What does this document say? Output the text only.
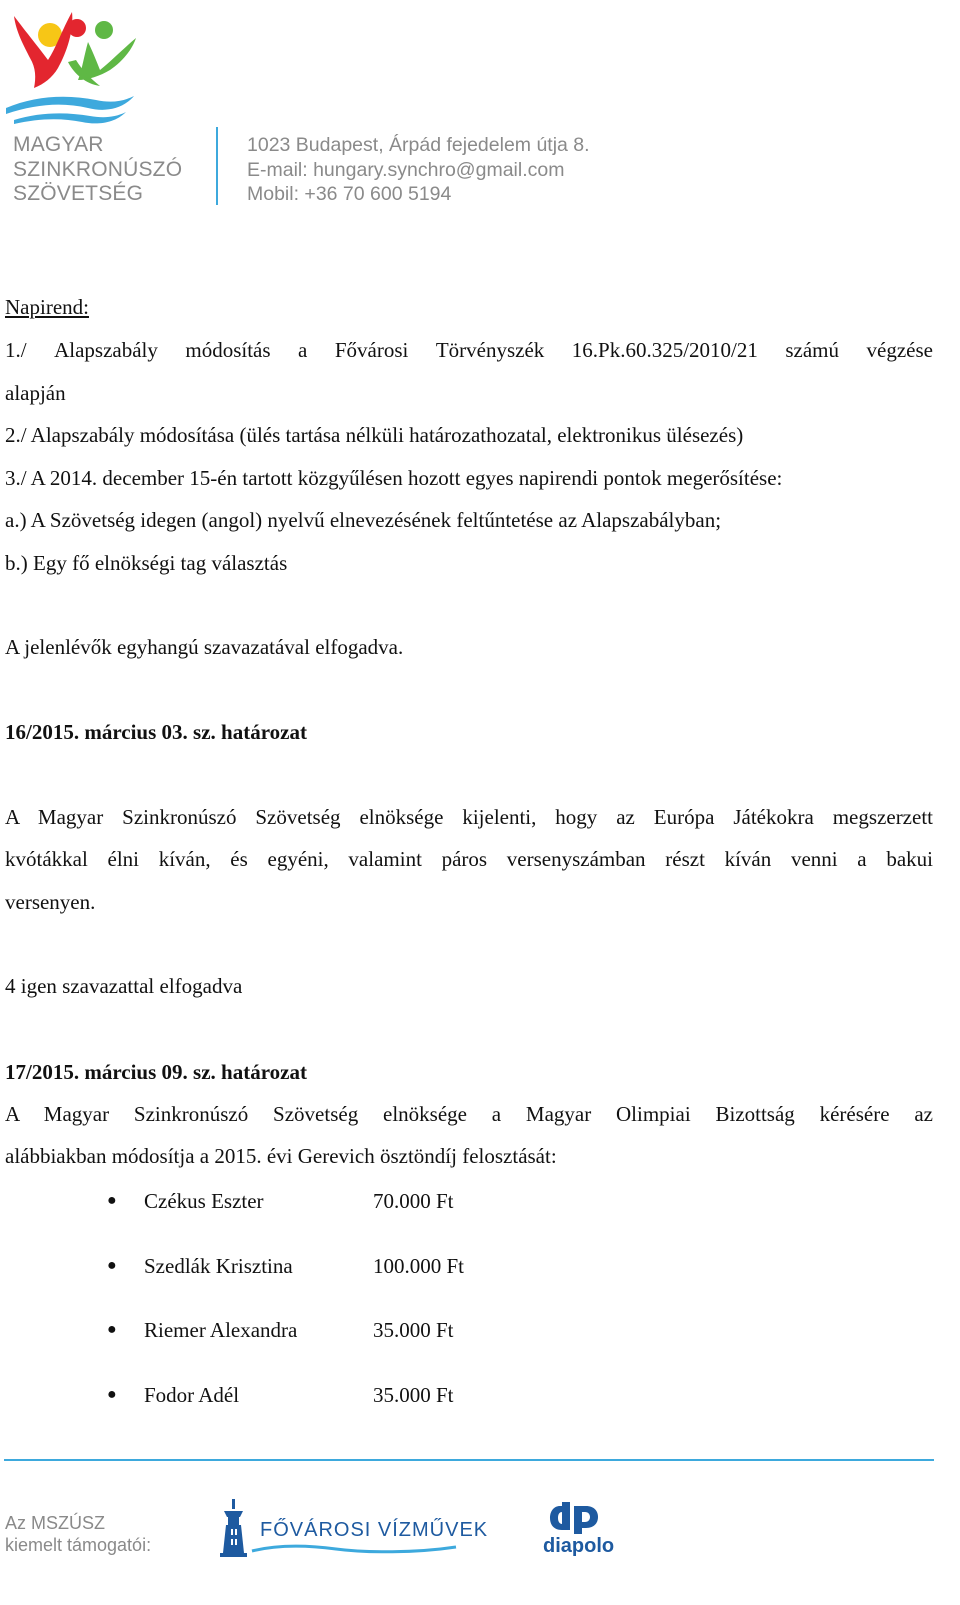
MAGYAR
SZINKRONÚSZÓ
SZÖVETSÉG
1023 Budapest, Árpád fejedelem útja 8.
E-mail: hungary.synchro@gmail.com
Mobil: +36 70 600 5194
Napirend:
1./ Alapszabály módosítás a Fővárosi Törvényszék 16.Pk.60.325/2010/21 számú végzése
alapján
2./ Alapszabály módosítása (ülés tartása nélküli határozathozatal, elektronikus ülésezés)
3./ A 2014. december 15-én tartott közgyűlésen hozott egyes napirendi pontok megerősítése:
a.) A Szövetség idegen (angol) nyelvű elnevezésének feltűntetése az Alapszabályban;
b.) Egy fő elnökségi tag választás
A jelenlévők egyhangú szavazatával elfogadva.
16/2015. március 03. sz. határozat
A Magyar Szinkronúszó Szövetség elnöksége kijelenti, hogy az Európa Játékokra megszerzett
kvótákkal élni kíván, és egyéni, valamint páros versenyszámban részt kíván venni a bakui
versenyen.
4 igen szavazattal elfogadva
17/2015. március 09. sz. határozat
A Magyar Szinkronúszó Szövetség elnöksége a Magyar Olimpiai Bizottság kérésére az
alábbiakban módosítja a 2015. évi Gerevich ösztöndíj felosztását:
● Czékus Eszter	70.000 Ft
● Szedlák Krisztina	100.000 Ft
● Riemer Alexandra	35.000 Ft
● Fodor Adél	35.000 Ft
Az MSZÚSZ
kiemelt támogatói:
FŐVÁROSI VÍZMŰVEK
diapolo
